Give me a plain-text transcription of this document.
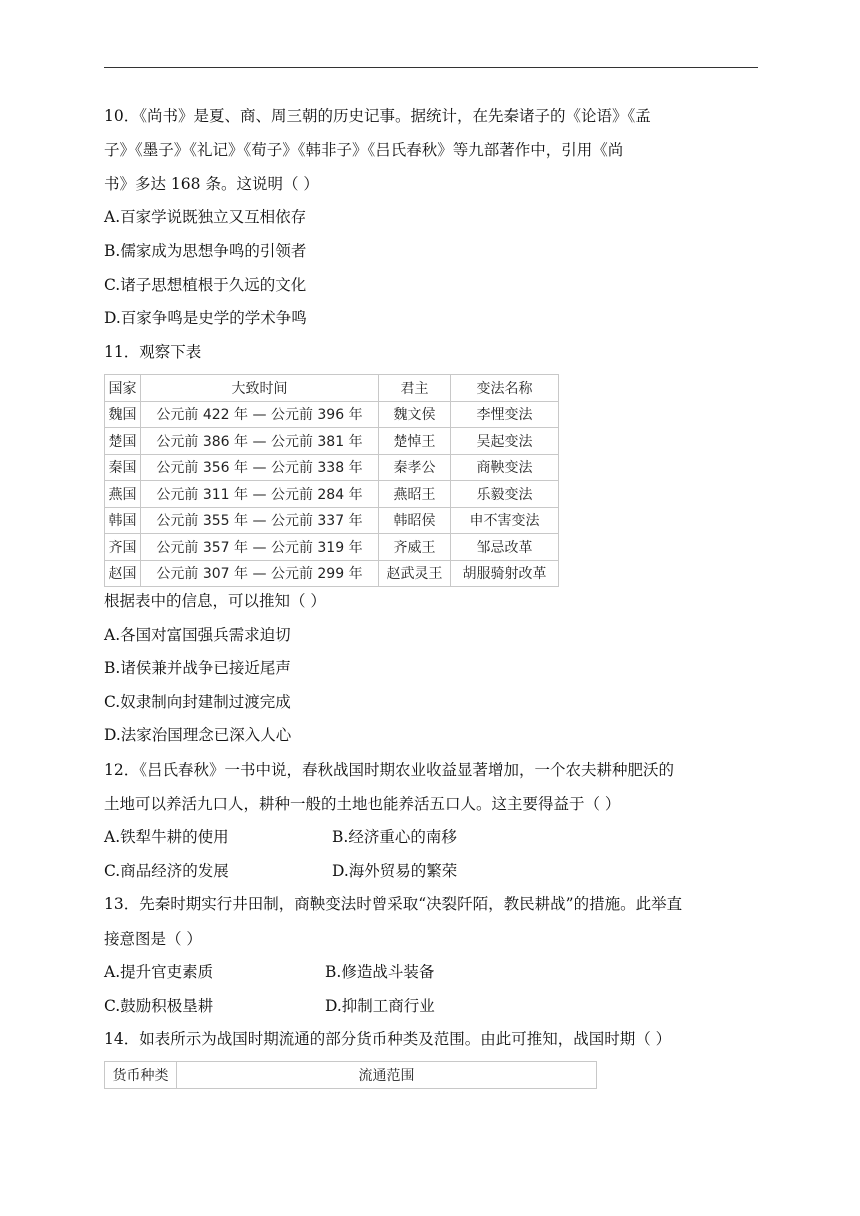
10．《尚书》是夏、商、周三朝的历史记事。据统计，在先秦诸子的《论语》《孟
子》《墨子》《礼记》《荀子》《韩非子》《吕氏春秋》等九部著作中，引用《尚
书》多达 168 条。这说明（ ）
A.百家学说既独立又互相依存
B.儒家成为思想争鸣的引领者
C.诸子思想植根于久远的文化
D.百家争鸣是史学的学术争鸣
11．观察下表
国家	大致时间	君主	变法名称
魏国	公元前 422 年 — 公元前 396 年	魏文侯	李悝变法
楚国	公元前 386 年 — 公元前 381 年	楚悼王	吴起变法
秦国	公元前 356 年 — 公元前 338 年	秦孝公	商鞅变法
燕国	公元前 311 年 — 公元前 284 年	燕昭王	乐毅变法
韩国	公元前 355 年 — 公元前 337 年	韩昭侯	申不害变法
齐国	公元前 357 年 — 公元前 319 年	齐威王	邹忌改革
赵国	公元前 307 年 — 公元前 299 年	赵武灵王	胡服骑射改革
根据表中的信息，可以推知（ ）
A.各国对富国强兵需求迫切
B.诸侯兼并战争已接近尾声
C.奴隶制向封建制过渡完成
D.法家治国理念已深入人心
12．《吕氏春秋》一书中说，春秋战国时期农业收益显著增加，一个农夫耕种肥沃的
土地可以养活九口人，耕种一般的土地也能养活五口人。这主要得益于（ ）
A.铁犁牛耕的使用	B.经济重心的南移
C.商品经济的发展	D.海外贸易的繁荣
13．先秦时期实行井田制，商鞅变法时曾采取“决裂阡陌，教民耕战”的措施。此举直
接意图是（ ）
A.提升官吏素质	B.修造战斗装备
C.鼓励积极垦耕	D.抑制工商行业
14．如表所示为战国时期流通的部分货币种类及范围。由此可推知，战国时期（ ）
货币种类	流通范围
